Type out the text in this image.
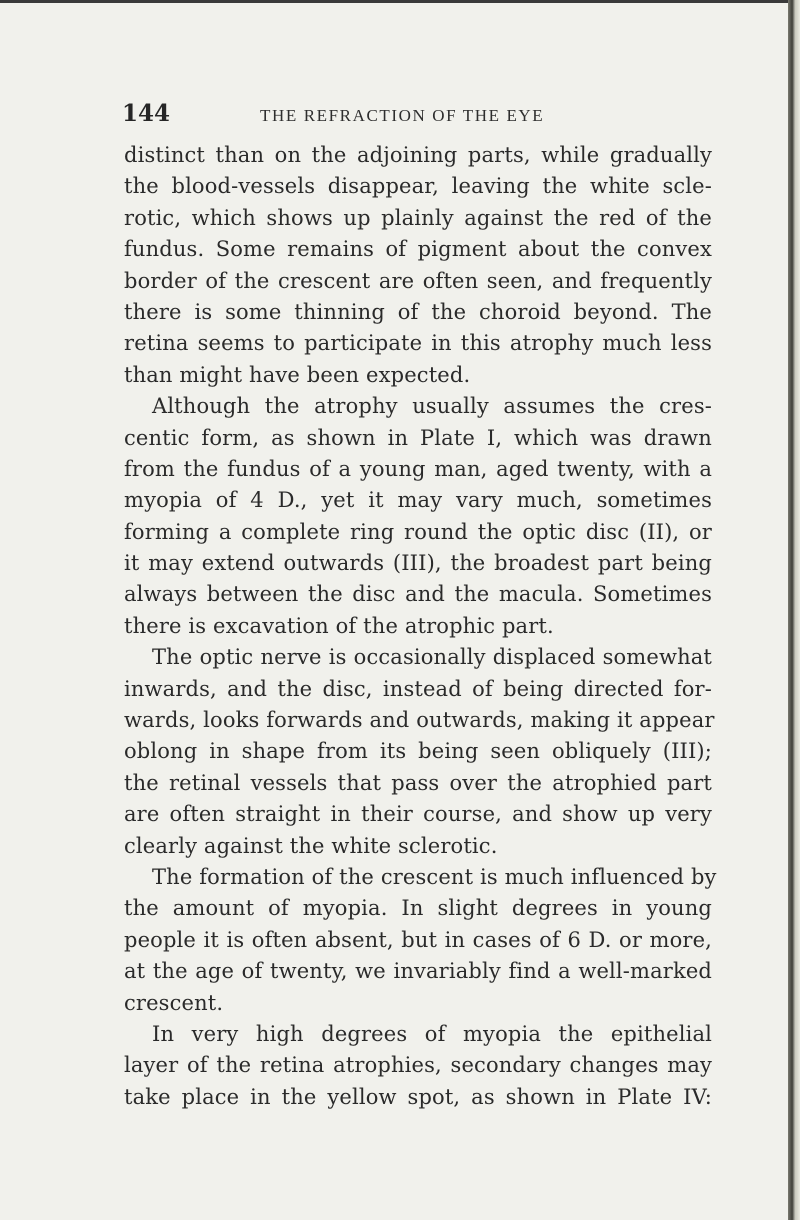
144	THE REFRACTION OF THE EYE
distinct than on the adjoining parts, while gradually
the blood-vessels disappear, leaving the white scle-
rotic, which shows up plainly against the red of the
fundus. Some remains of pigment about the convex
border of the crescent are often seen, and frequently
there is some thinning of the choroid beyond. The
retina seems to participate in this atrophy much less
than might have been expected.
Although the atrophy usually assumes the cres-
centic form, as shown in Plate I, which was drawn
from the fundus of a young man, aged twenty, with a
myopia of 4 D., yet it may vary much, sometimes
forming a complete ring round the optic disc (II), or
it may extend outwards (III), the broadest part being
always between the disc and the macula. Sometimes
there is excavation of the atrophic part.
The optic nerve is occasionally displaced somewhat
inwards, and the disc, instead of being directed for-
wards, looks forwards and outwards, making it appear
oblong in shape from its being seen obliquely (III);
the retinal vessels that pass over the atrophied part
are often straight in their course, and show up very
clearly against the white sclerotic.
The formation of the crescent is much influenced by
the amount of myopia. In slight degrees in young
people it is often absent, but in cases of 6 D. or more,
at the age of twenty, we invariably find a well-marked
crescent.
In very high degrees of myopia the epithelial
layer of the retina atrophies, secondary changes may
take place in the yellow spot, as shown in Plate IV:
